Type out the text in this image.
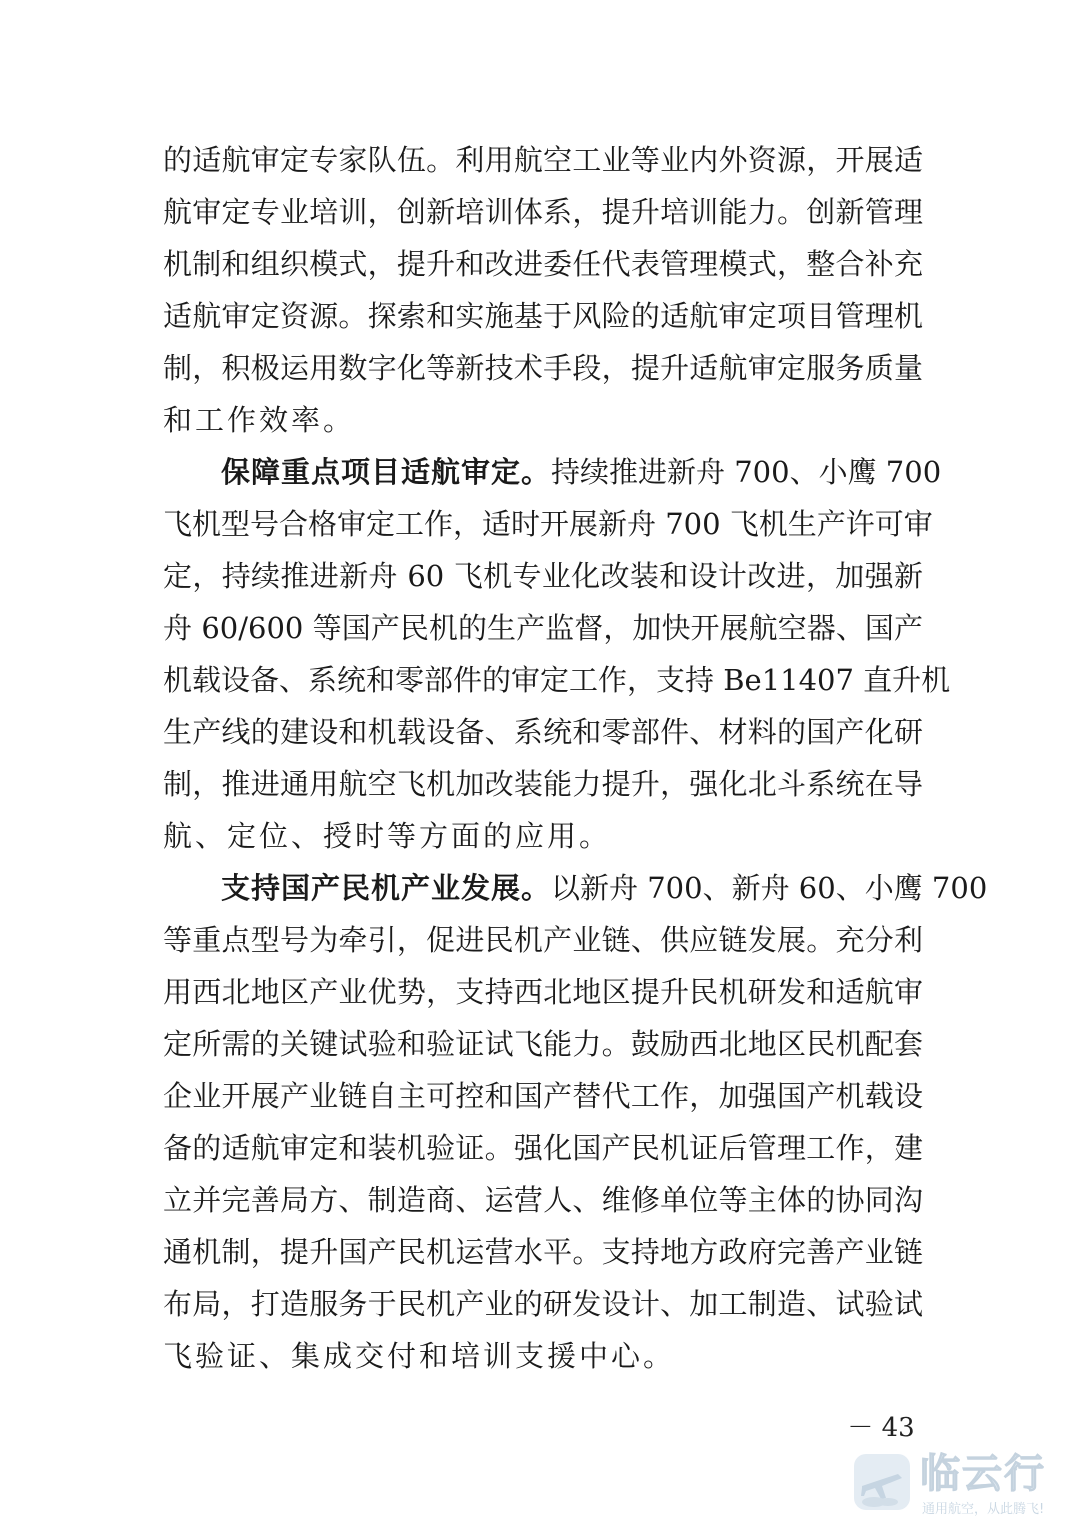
的适航审定专家队伍。利用航空工业等业内外资源，开展适
航审定专业培训，创新培训体系，提升培训能力。创新管理
机制和组织模式，提升和改进委任代表管理模式，整合补充
适航审定资源。探索和实施基于风险的适航审定项目管理机
制，积极运用数字化等新技术手段，提升适航审定服务质量
和工作效率。
保障重点项目适航审定。持续推进新舟 700、小鹰 700
飞机型号合格审定工作，适时开展新舟 700 飞机生产许可审
定，持续推进新舟 60 飞机专业化改装和设计改进，加强新
舟 60/600 等国产民机的生产监督，加快开展航空器、国产
机载设备、系统和零部件的审定工作，支持 Be11407 直升机
生产线的建设和机载设备、系统和零部件、材料的国产化研
制，推进通用航空飞机加改装能力提升，强化北斗系统在导
航、定位、授时等方面的应用。
支持国产民机产业发展。以新舟 700、新舟 60、小鹰 700
等重点型号为牵引，促进民机产业链、供应链发展。充分利
用西北地区产业优势，支持西北地区提升民机研发和适航审
定所需的关键试验和验证试飞能力。鼓励西北地区民机配套
企业开展产业链自主可控和国产替代工作，加强国产机载设
备的适航审定和装机验证。强化国产民机证后管理工作，建
立并完善局方、制造商、运营人、维修单位等主体的协同沟
通机制，提升国产民机运营水平。支持地方政府完善产业链
布局，打造服务于民机产业的研发设计、加工制造、试验试
飞验证、集成交付和培训支援中心。
－ 43
临云行
通用航空，从此腾飞!
